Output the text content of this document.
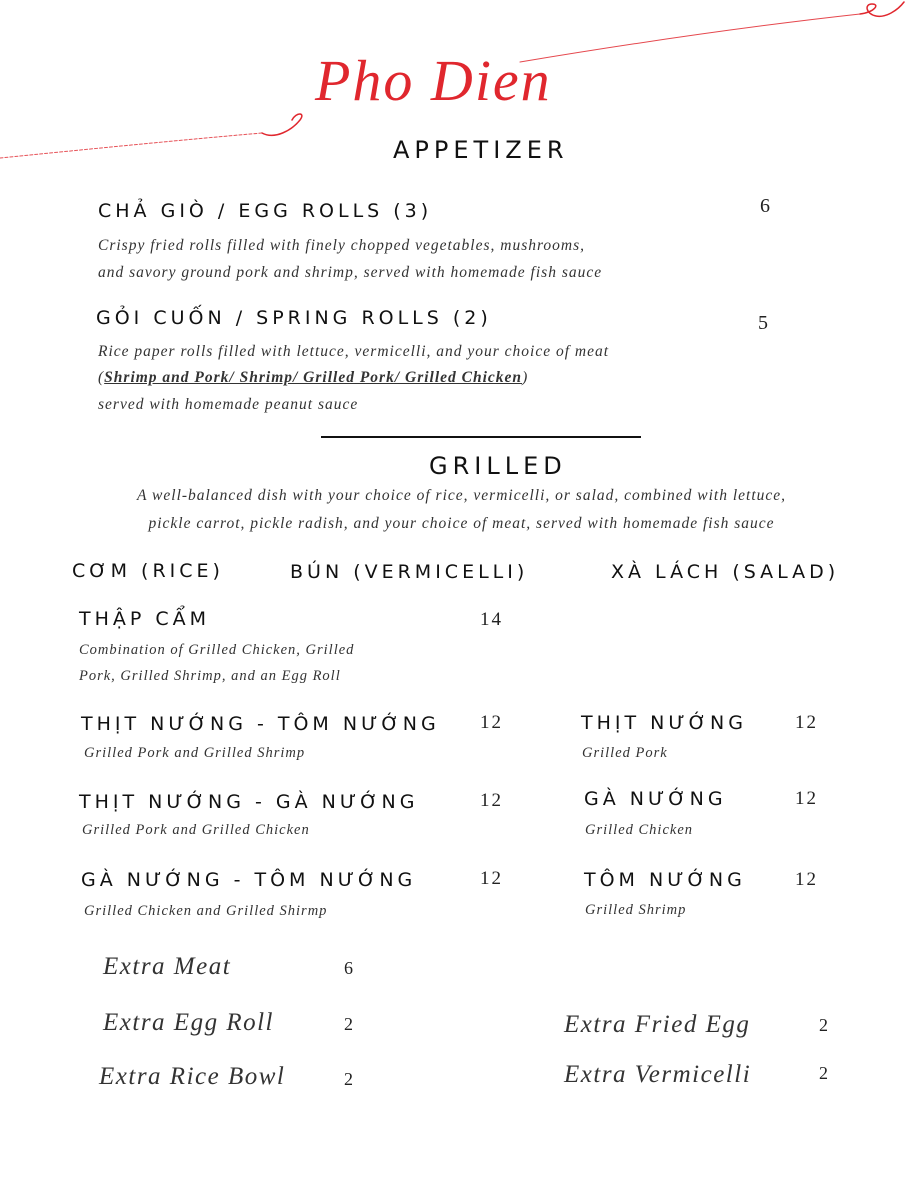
Pho Dien
APPETIZER
CHẢ GIÒ / EGG ROLLS (3)	6
Crispy fried rolls filled with finely chopped vegetables, mushrooms,
and savory ground pork and shrimp, served with homemade fish sauce
GỎI CUỐN / SPRING ROLLS (2)	5
Rice paper rolls filled with lettuce, vermicelli, and your choice of meat
(Shrimp and Pork/ Shrimp/ Grilled Pork/ Grilled Chicken)
served with homemade peanut sauce
GRILLED
A well-balanced dish with your choice of rice, vermicelli, or salad, combined with lettuce,
pickle carrot, pickle radish, and your choice of meat, served with homemade fish sauce
CƠM (RICE)	BÚN (VERMICELLI)	XÀ LÁCH (SALAD)
THẬP CẨM	14
Combination of Grilled Chicken, Grilled
Pork, Grilled Shrimp, and an Egg Roll
THỊT NƯỚNG - TÔM NƯỚNG 12
Grilled Pork and Grilled Shrimp
THỊT NƯỚNG - GÀ NƯỚNG	12
Grilled Pork and Grilled Chicken
GÀ NƯỚNG - TÔM NƯỚNG	12
Grilled Chicken and Grilled Shirmp
THỊT NƯỚNG	12
Grilled Pork
GÀ NƯỚNG	12
Grilled Chicken
TÔM NƯỚNG	12
Grilled Shrimp
Extra Meat	6
Extra Egg Roll	2
Extra Rice Bowl	2
Extra Fried Egg	2
Extra Vermicelli	2
